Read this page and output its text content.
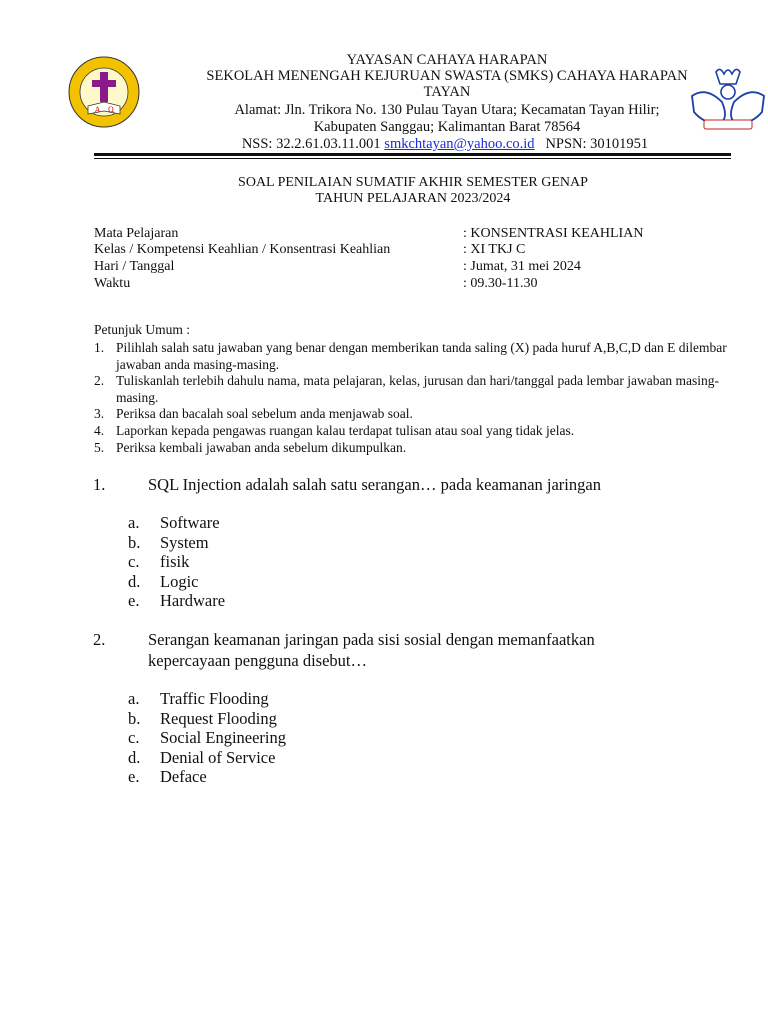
Α Ω
YAYASAN CAHAYA HARAPAN
SEKOLAH MENENGAH KEJURUAN SWASTA (SMKS) CAHAYA HARAPAN
TAYAN
Alamat: Jln. Trikora No. 130 Pulau Tayan Utara; Kecamatan Tayan Hilir;
Kabupaten Sanggau; Kalimantan Barat 78564
NSS: 32.2.61.03.11.001 smkchtayan@yahoo.co.id NPSN: 30101951
SOAL PENILAIAN SUMATIF AKHIR SEMESTER GENAP
TAHUN PELAJARAN 2023/2024
Mata Pelajaran	: KONSENTRASI KEAHLIAN
Kelas / Kompetensi Keahlian / Konsentrasi Keahlian	: XI TKJ C
Hari / Tanggal	: Jumat, 31 mei 2024
Waktu	: 09.30-11.30
Petunjuk Umum :
1. Pilihlah salah satu jawaban yang benar dengan memberikan tanda saling (X) pada huruf A,B,C,D dan E dilembar jawaban anda masing-masing.
2. Tuliskanlah terlebih dahulu nama, mata pelajaran, kelas, jurusan dan hari/tanggal pada lembar jawaban masing-masing.
3. Periksa dan bacalah soal sebelum anda menjawab soal.
4. Laporkan kepada pengawas ruangan kalau terdapat tulisan atau soal yang tidak jelas.
5. Periksa kembali jawaban anda sebelum dikumpulkan.
1.	SQL Injection adalah salah satu serangan… pada keamanan jaringan
a.	Software
b.	System
c.	fisik
d.	Logic
e.	Hardware
2.	Serangan keamanan jaringan pada sisi sosial dengan memanfaatkan kepercayaan pengguna disebut…
a.	Traffic Flooding
b.	Request Flooding
c.	Social Engineering
d.	Denial of Service
e.	Deface
